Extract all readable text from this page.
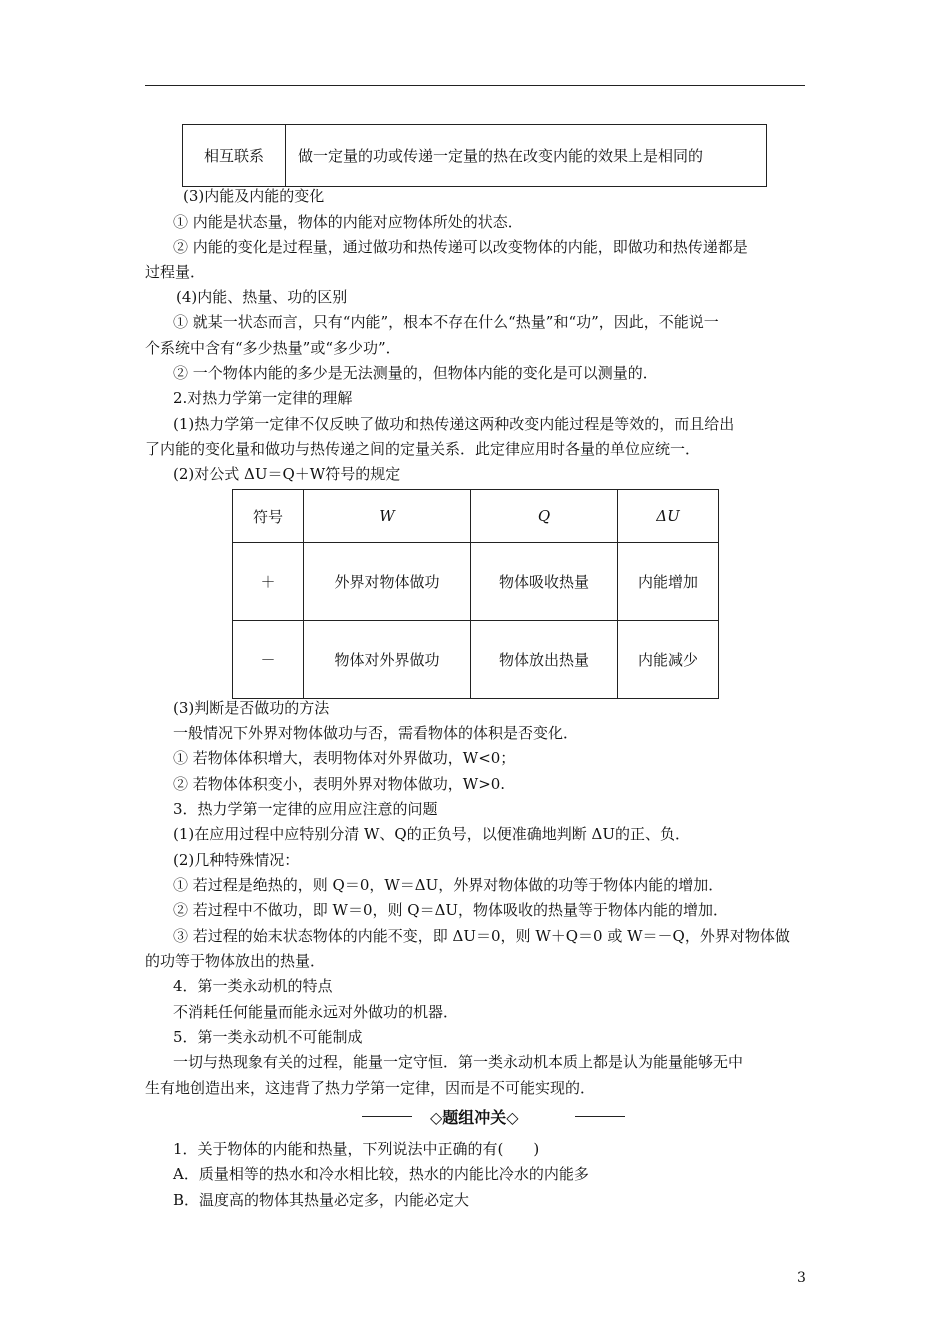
相互联系	做一定量的功或传递一定量的热在改变内能的效果上是相同的
(3)内能及内能的变化
① 内能是状态量，物体的内能对应物体所处的状态．
② 内能的变化是过程量，通过做功和热传递可以改变物体的内能，即做功和热传递都是
过程量．
(4)内能、热量、功的区别
① 就某一状态而言，只有“内能”，根本不存在什么“热量”和“功”，因此，不能说一
个系统中含有“多少热量”或“多少功”．
② 一个物体内能的多少是无法测量的，但物体内能的变化是可以测量的．
2.对热力学第一定律的理解
(1)热力学第一定律不仅反映了做功和热传递这两种改变内能过程是等效的，而且给出
了内能的变化量和做功与热传递之间的定量关系．此定律应用时各量的单位应统一．
(2)对公式 ΔU＝Q＋W符号的规定
符号	W	Q	ΔU
＋	外界对物体做功	物体吸收热量	内能增加
－	物体对外界做功	物体放出热量	内能减少
(3)判断是否做功的方法
一般情况下外界对物体做功与否，需看物体的体积是否变化．
① 若物体体积增大，表明物体对外界做功，W<0；
② 若物体体积变小，表明外界对物体做功，W>0.
3．热力学第一定律的应用应注意的问题
(1)在应用过程中应特别分清 W、Q的正负号，以便准确地判断 ΔU的正、负．
(2)几种特殊情况：
① 若过程是绝热的，则 Q＝0，W＝ΔU，外界对物体做的功等于物体内能的增加．
② 若过程中不做功，即 W＝0，则 Q＝ΔU，物体吸收的热量等于物体内能的增加．
③ 若过程的始末状态物体的内能不变，即 ΔU＝0，则 W＋Q＝0 或 W＝－Q，外界对物体做
的功等于物体放出的热量．
4．第一类永动机的特点
不消耗任何能量而能永远对外做功的机器．
5．第一类永动机不可能制成
一切与热现象有关的过程，能量一定守恒．第一类永动机本质上都是认为能量能够无中
生有地创造出来，这违背了热力学第一定律，因而是不可能实现的．
◇题组冲关◇
1．关于物体的内能和热量，下列说法中正确的有(　　)
A．质量相等的热水和冷水相比较，热水的内能比冷水的内能多
B．温度高的物体其热量必定多，内能必定大
3
